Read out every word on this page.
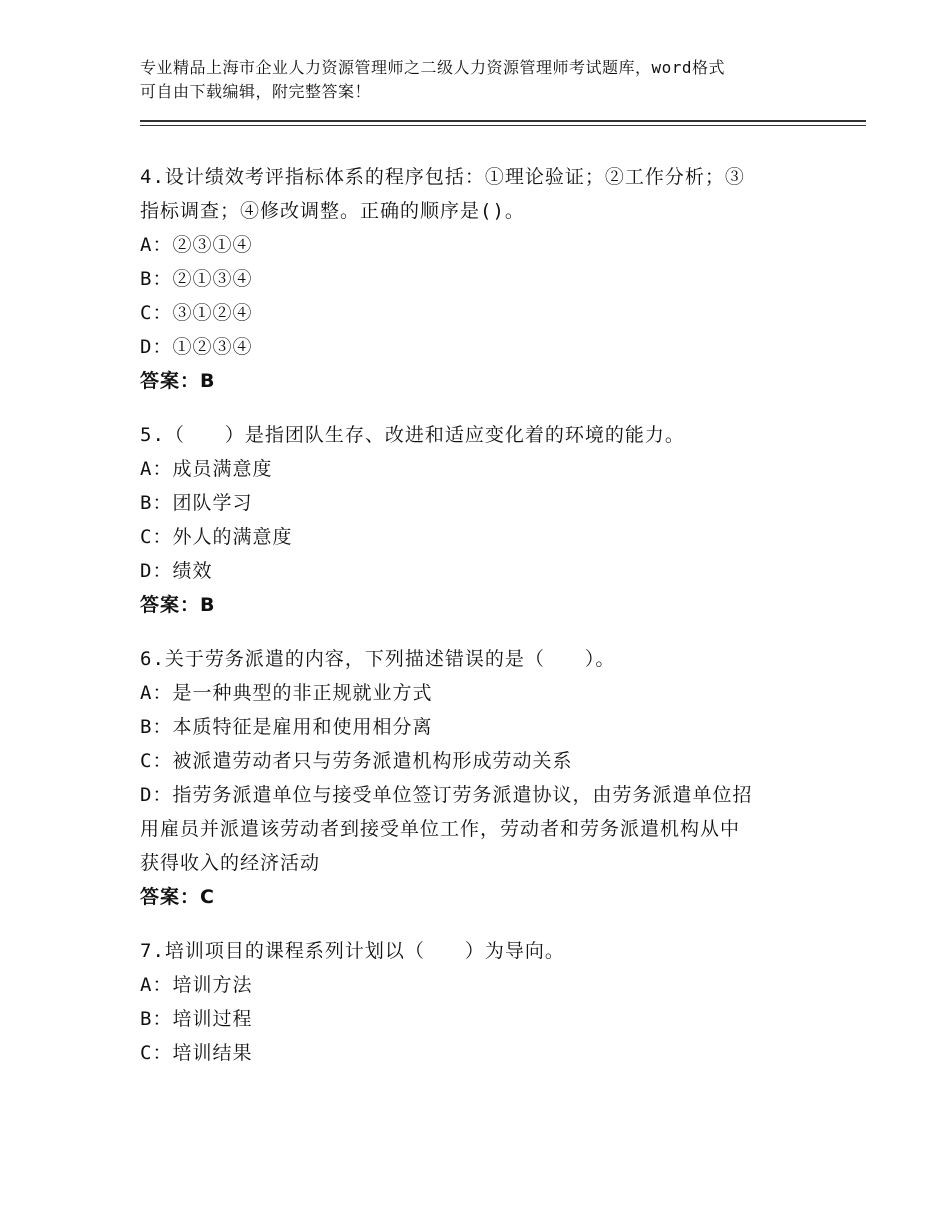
专业精品上海市企业人力资源管理师之二级人力资源管理师考试题库，word格式
可自由下载编辑，附完整答案！
4.设计绩效考评指标体系的程序包括：①理论验证；②工作分析；③
指标调查；④修改调整。正确的顺序是()。
A：②③①④
B：②①③④
C：③①②④
D：①②③④
答案：B
5.（　　）是指团队生存、改进和适应变化着的环境的能力。
A：成员满意度
B：团队学习
C：外人的满意度
D：绩效
答案：B
6.关于劳务派遣的内容，下列描述错误的是（　　）。
A：是一种典型的非正规就业方式
B：本质特征是雇用和使用相分离
C：被派遣劳动者只与劳务派遣机构形成劳动关系
D：指劳务派遣单位与接受单位签订劳务派遣协议，由劳务派遣单位招
用雇员并派遣该劳动者到接受单位工作，劳动者和劳务派遣机构从中
获得收入的经济活动
答案：C
7.培训项目的课程系列计划以（　　）为导向。
A：培训方法
B：培训过程
C：培训结果
